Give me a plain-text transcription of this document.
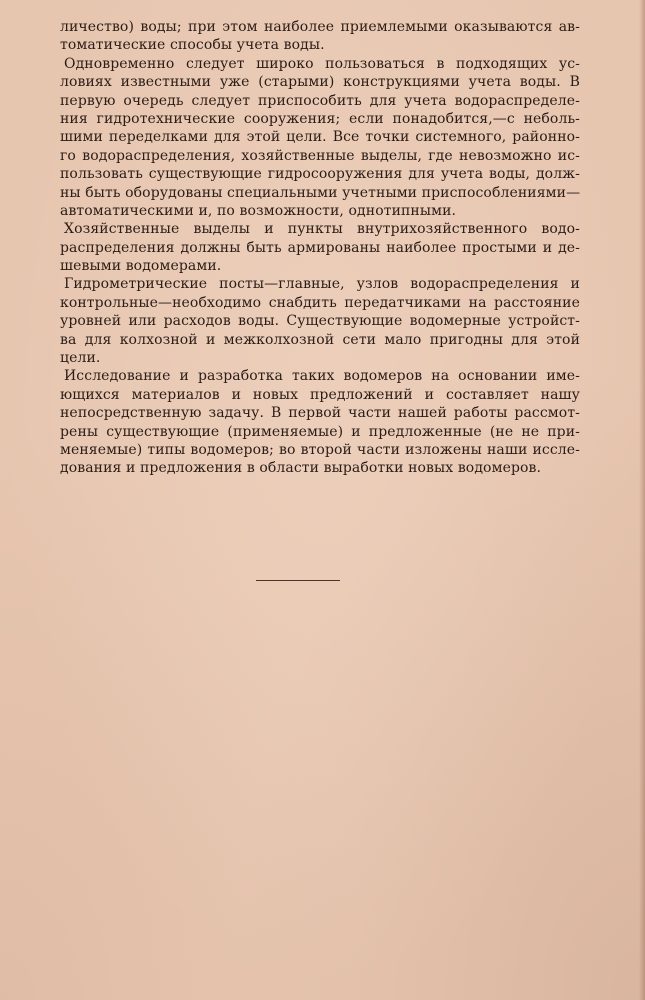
личество) воды; при этом наиболее приемлемыми оказываются ав-
томатические способы учета воды.
Одновременно следует широко пользоваться в подходящих ус-
ловиях известными уже (старыми) конструкциями учета воды. В
первую очередь следует приспособить для учета водораспределе-
ния гидротехнические сооружения; если понадобится,—с неболь-
шими переделками для этой цели. Все точки системного, районно-
го водораспределения, хозяйственные выделы, где невозможно ис-
пользовать существующие гидросооружения для учета воды, долж-
ны быть оборудованы специальными учетными приспособлениями—
автоматическими и, по возможности, однотипными.
Хозяйственные выделы и пункты внутрихозяйственного водо-
распределения должны быть армированы наиболее простыми и де-
шевыми водомерами.
Гидрометрические посты—главные, узлов водораспределения и
контрольные—необходимо снабдить передатчиками на расстояние
уровней или расходов воды. Существующие водомерные устройст-
ва для колхозной и межколхозной сети мало пригодны для этой
цели.
Исследование и разработка таких водомеров на основании име-
ющихся материалов и новых предложений и составляет нашу
непосредственную задачу. В первой части нашей работы рассмот-
рены существующие (применяемые) и предложенные (не не при-
меняемые) типы водомеров; во второй части изложены наши иссле-
дования и предложения в области выработки новых водомеров.
